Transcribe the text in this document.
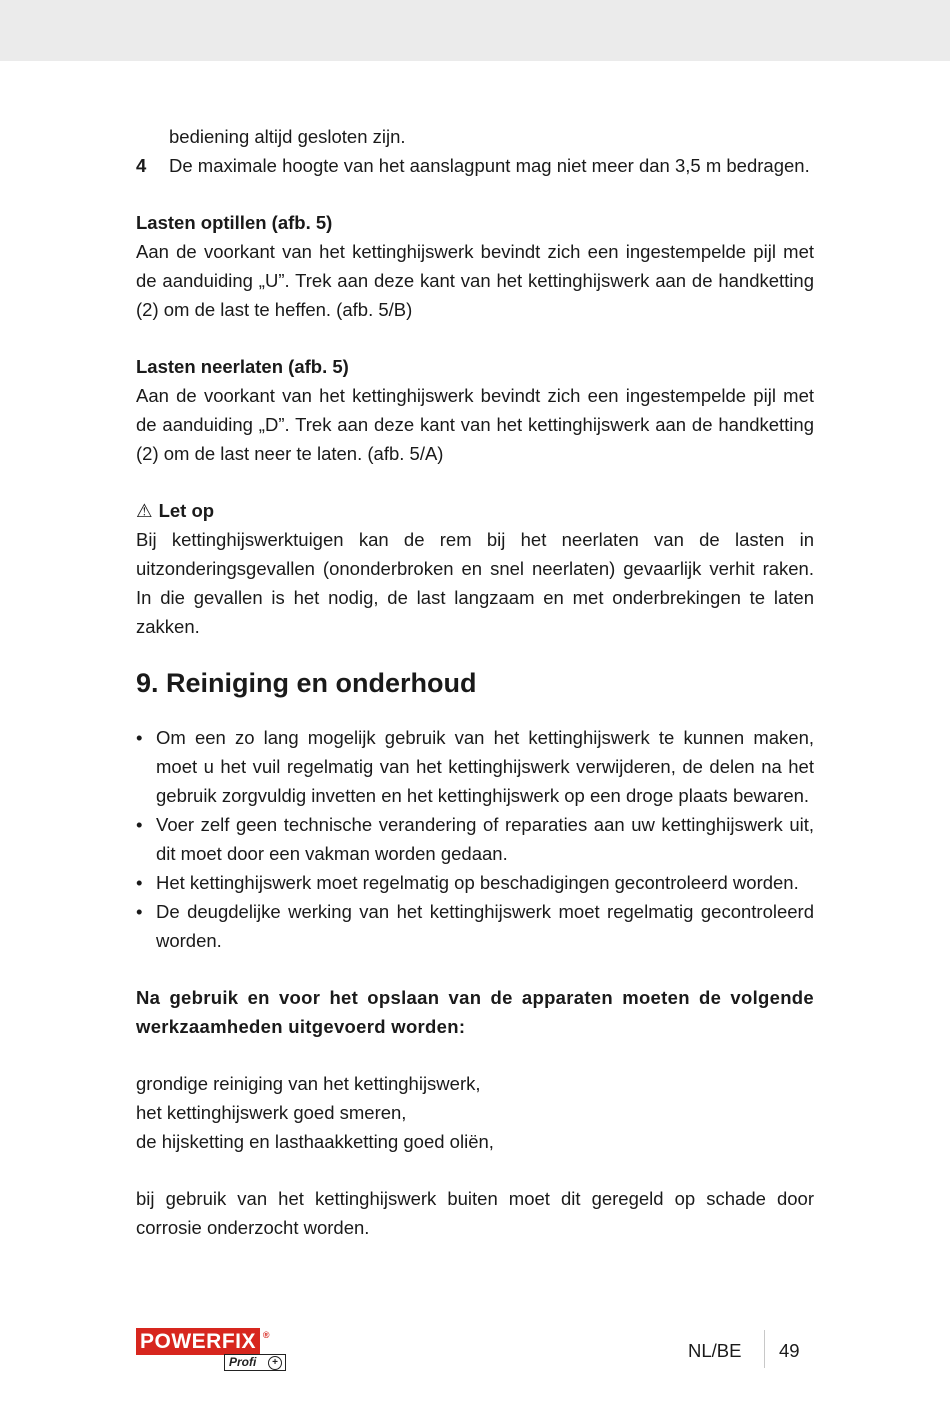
bediening altijd gesloten zijn.

4	De maximale hoogte van het aanslagpunt mag niet meer dan 3,5 m bedragen.
Lasten optillen (afb. 5)

Aan de voorkant van het kettinghijswerk bevindt zich een ingestempelde pijl met de aanduiding „U”. Trek aan deze kant van het kettinghijswerk aan de handketting (2) om de last te heffen. (afb. 5/B)

Lasten neerlaten (afb. 5)

Aan de voorkant van het kettinghijswerk bevindt zich een ingestempelde pijl met de aanduiding „D”. Trek aan deze kant van het kettinghijswerk aan de handketting (2) om de last neer te laten. (afb. 5/A)

⚠ Let op

Bij kettinghijswerktuigen kan de rem bij het neerlaten van de lasten in uitzonderingsgevallen (ononderbroken en snel neerlaten) gevaarlijk verhit raken. In die gevallen is het nodig, de last langzaam en met onderbrekingen te laten zakken.

9. Reiniging en onderhoud
• Om een zo lang mogelijk gebruik van het kettinghijswerk te kunnen maken, moet u het vuil regelmatig van het kettinghijswerk verwijderen, de delen na het gebruik zorgvuldig invetten en het kettinghijswerk op een droge plaats bewaren.
• Voer zelf geen technische verandering of reparaties aan uw kettinghijswerk uit, dit moet door een vakman worden gedaan.
• Het kettinghijswerk moet regelmatig op beschadigingen gecontroleerd worden.
• De deugdelijke werking van het kettinghijswerk moet regelmatig gecontroleerd worden.

Na gebruik en voor het opslaan van de apparaten moeten de volgende werkzaamheden uitgevoerd worden:

grondige reiniging van het kettinghijswerk,

het kettinghijswerk goed smeren,

de hijsketting en lasthaakketting goed oliën,

bij gebruik van het kettinghijswerk buiten moet dit geregeld op schade door corrosie onderzocht worden.

POWERFIX ®
Profi	+
NL/BE 49
